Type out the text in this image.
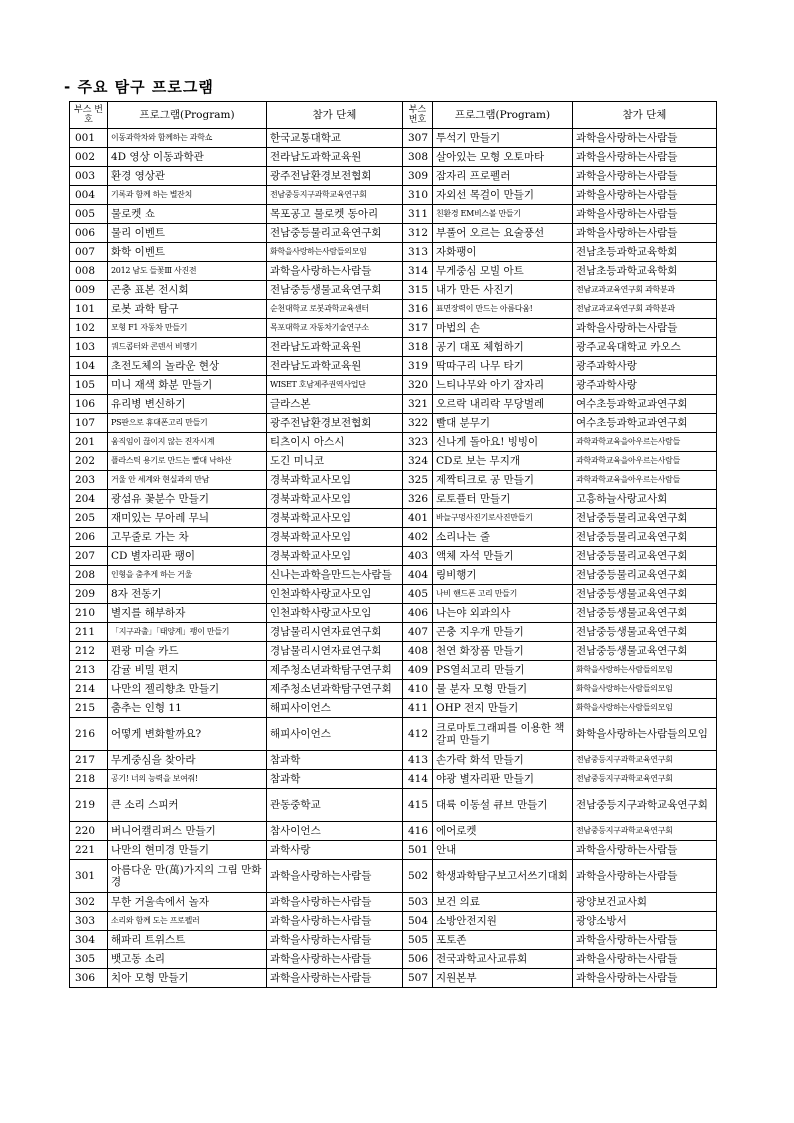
- 주요 탐구 프로그램
부스 번호	프로그램(Program)	참가 단체	부스 번호	프로그램(Program)	참가 단체
001	이동과학차와 함께하는 과학쇼	한국교통대학교	307	투석기 만들기	과학을사랑하는사람들
002	4D 영상 이동과학관	전라남도과학교육원	308	살아있는 모형 오토마타	과학을사랑하는사람들
003	환경 영상관	광주전남환경보전협회	309	잠자리 프로펠러	과학을사랑하는사람들
004	기록과 함께 하는 별잔치	전남중등지구과학교육연구회	310	자외선 목걸이 만들기	과학을사랑하는사람들
005	물로켓 쇼	목포공고 물로켓 동아리	311	친환경 EM비스볼 만들기	과학을사랑하는사람들
006	물리 이벤트	전남중등물리교육연구회	312	부풀어 오르는 요술풍선	과학을사랑하는사람들
007	화학 이벤트	화학을사랑하는사람들의모임	313	자화팽이	전남초등과학교육학회
008	2012 남도 들꽃Ⅲ 사진전	과학을사랑하는사람들	314	무게중심 모빌 아트	전남초등과학교육학회
009	곤충 표본 전시회	전남중등생물교육연구회	315	내가 만든 사진기	전남교과교육연구회 과학분과
101	로봇 과학 탐구	순천대학교 로봇과학교육센터	316	표면장력이 만드는 아름다움!	전남교과교육연구회 과학분과
102	모형 F1 자동차 만들기	목포대학교 자동차기술연구소	317	마법의 손	과학을사랑하는사람들
103	쿼드콥터와 콘덴서 비행기	전라남도과학교육원	318	공기 대포 체험하기	광주교육대학교 카오스
104	초전도체의 놀라운 현상	전라남도과학교육원	319	딱따구리 나무 타기	광주과학사랑
105	미니 재색 화분 만들기	WISET 호남제주권역사업단	320	느티나무와 아기 잠자리	광주과학사랑
106	유리병 변신하기	글라스본	321	오르락 내리락 무당벌레	여수초등과학교과연구회
107	PS판으로 휴대폰고리 만들기	광주전남환경보전협회	322	빨대 분무기	여수초등과학교과연구회
201	움직임이 끊이지 않는 진자시계	티츠이시 아스시	323	신나게 돌아요! 빙빙이	과학과학교육을아우르는사람들
202	플라스틱 용기로 만드는 빨대 낙하산	도긴 미니코	324	CD로 보는 무지개	과학과학교육을아우르는사람들
203	거울 안 세계와 현실과의 만남	경북과학교사모임	325	제짝티크로 공 만들기	과학과학교육을아우르는사람들
204	광섬유 꽃분수 만들기	경북과학교사모임	326	로토플터 만들기	고흥하늘사랑교사회
205	재미있는 무아레 무늬	경북과학교사모임	401	바늘구멍사진기로사진만들기	전남중등물리교육연구회
206	고무줄로 가는 차	경북과학교사모임	402	소리나는 줄	전남중등물리교육연구회
207	CD 별자리판 팽이	경북과학교사모임	403	액체 자석 만들기	전남중등물리교육연구회
208	인형을 춤추게 하는 거울	신나는과학을만드는사람들	404	링비행기	전남중등물리교육연구회
209	8자 전동기	인천과학사랑교사모임	405	나비 핸드폰 고리 만들기	전남중등생물교육연구회
210	별지를 해부하자	인천과학사랑교사모임	406	나는야 외과의사	전남중등생물교육연구회
211	「지구과출」「태양계」팽이 만들기	경남물리시연자료연구회	407	곤충 지우개 만들기	전남중등생물교육연구회
212	편광 미술 카드	경남물리시연자료연구회	408	천연 화장품 만들기	전남중등생물교육연구회
213	감귤 비밀 편지	제주청소년과학탐구연구회	409	PS열쇠고리 만들기	화학을사랑하는사람들의모임
214	나만의 젤리향초 만들기	제주청소년과학탐구연구회	410	물 분자 모형 만들기	화학을사랑하는사람들의모임
215	춤추는 인형 11	해피사이언스	411	OHP 전지 만들기	화학을사랑하는사람들의모임
216	어떻게 변화할까요?	해피사이언스	412	크로마토그래피를 이용한 책갈피 만들기	화학을사랑하는사람들의모임
217	무게중심을 찾아라	참과학	413	손가락 화석 만들기	전남중등지구과학교육연구회
218	공기! 너의 능력을 보여줘!	참과학	414	야광 별자리판 만들기	전남중등지구과학교육연구회
219	큰 소리 스피커	관동중학교	415	대륙 이동설 큐브 만들기	전남중등지구과학교육연구회
220	버니어캘리퍼스 만들기	참사이언스	416	에어로켓	전남중등지구과학교육연구회
221	나만의 현미경 만들기	과학사랑	501	안내	과학을사랑하는사람들
301	아름다운 만(萬)가지의 그림 만화경	과학을사랑하는사람들	502	학생과학탐구보고서쓰기대회	과학을사랑하는사람들
302	무한 거울속에서 놀자	과학을사랑하는사람들	503	보건 의료	광양보건교사회
303	소리와 함께 도는 프로펠러	과학을사랑하는사람들	504	소방안전지원	광양소방서
304	해파리 트위스트	과학을사랑하는사람들	505	포토존	과학을사랑하는사람들
305	뱃고동 소리	과학을사랑하는사람들	506	전국과학교사교류회	과학을사랑하는사람들
306	치아 모형 만들기	과학을사랑하는사람들	507	지원본부	과학을사랑하는사람들
